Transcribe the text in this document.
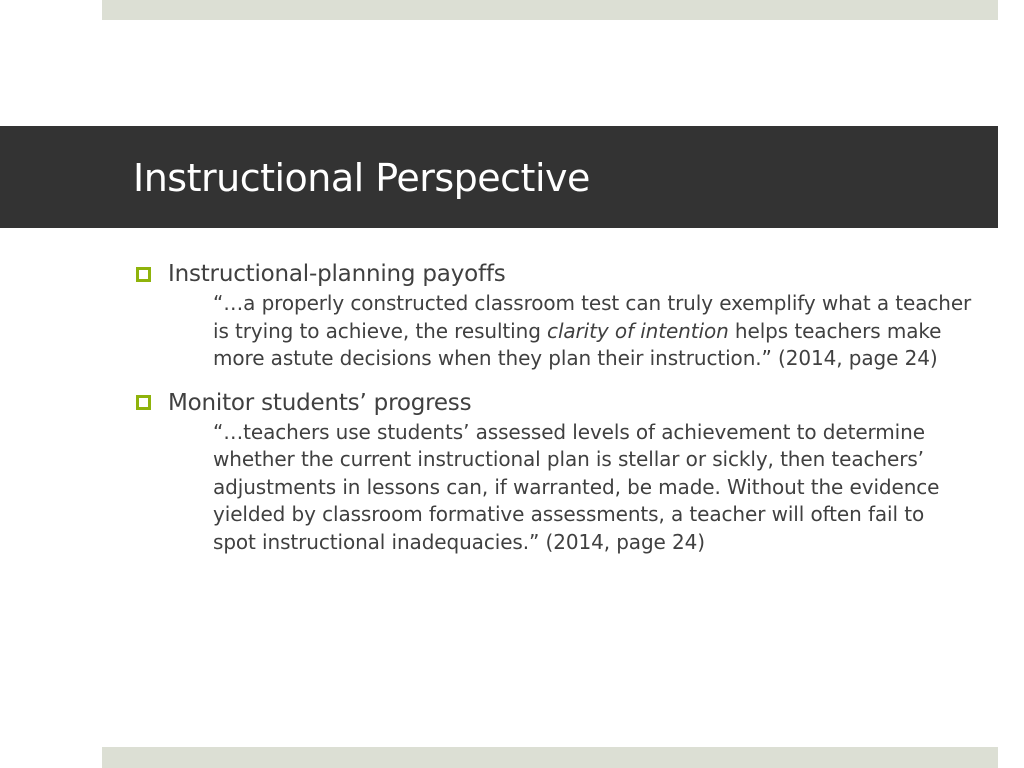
Instructional Perspective
Instructional-planning payoffs

“…a properly constructed classroom test can truly exemplify what a teacher is trying to achieve, the resulting clarity of intention helps teachers make more astute decisions when they plan their instruction.” (2014, page 24)

Monitor students’ progress

“…teachers use students’ assessed levels of achievement to determine whether the current instructional plan is stellar or sickly, then teachers’ adjustments in lessons can, if warranted, be made. Without the evidence yielded by classroom formative assessments, a teacher will often fail to spot instructional inadequacies.” (2014, page 24)
